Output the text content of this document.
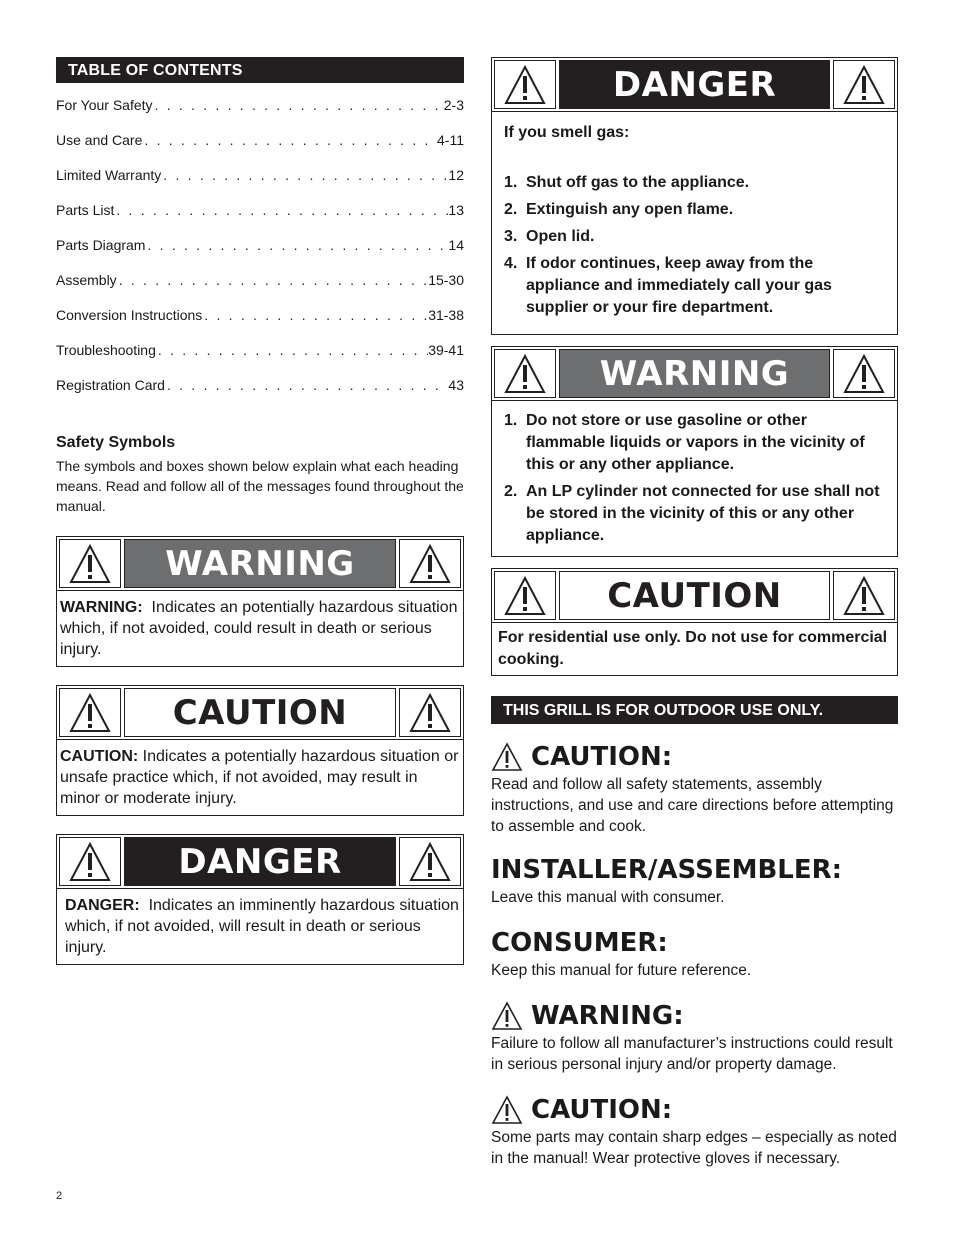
TABLE OF CONTENTS
For Your Safety . . .	2-3
Use and Care . . .	4-11
Limited Warranty . . .	12
Parts List . . .	13
Parts Diagram . . .	14
Assembly . . .	15-30
Conversion Instructions . . .	31-38
Troubleshooting . . .	39-41
Registration Card . . .	43
Safety Symbols
The symbols and boxes shown below explain what each heading means. Read and follow all of the messages found throughout the manual.
WARNING
WARNING: Indicates an potentially hazardous situation which, if not avoided, could result in death or serious injury.
CAUTION
CAUTION: Indicates a potentially hazardous situation or unsafe practice which, if not avoided, may result in minor or moderate injury.
DANGER
DANGER: Indicates an imminently hazardous situation which, if not avoided, will result in death or serious injury.
DANGER

If you smell gas:

1. Shut off gas to the appliance.
2. Extinguish any open flame.
3. Open lid.
4. If odor continues, keep away from the appliance and immediately call your gas supplier or your fire department.
WARNING
1. Do not store or use gasoline or other flammable liquids or vapors in the vicinity of this or any other appliance.
2. An LP cylinder not connected for use shall not be stored in the vicinity of this or any other appliance.
CAUTION
For residential use only. Do not use for commercial cooking.
THIS GRILL IS FOR OUTDOOR USE ONLY.
CAUTION:

Read and follow all safety statements, assembly instructions, and use and care directions before attempting to assemble and cook.

INSTALLER/ASSEMBLER:

Leave this manual with consumer.

CONSUMER:

Keep this manual for future reference.

WARNING:

Failure to follow all manufacturer’s instructions could result in serious personal injury and/or property damage.

CAUTION:

Some parts may contain sharp edges – especially as noted in the manual! Wear protective gloves if necessary.

2
